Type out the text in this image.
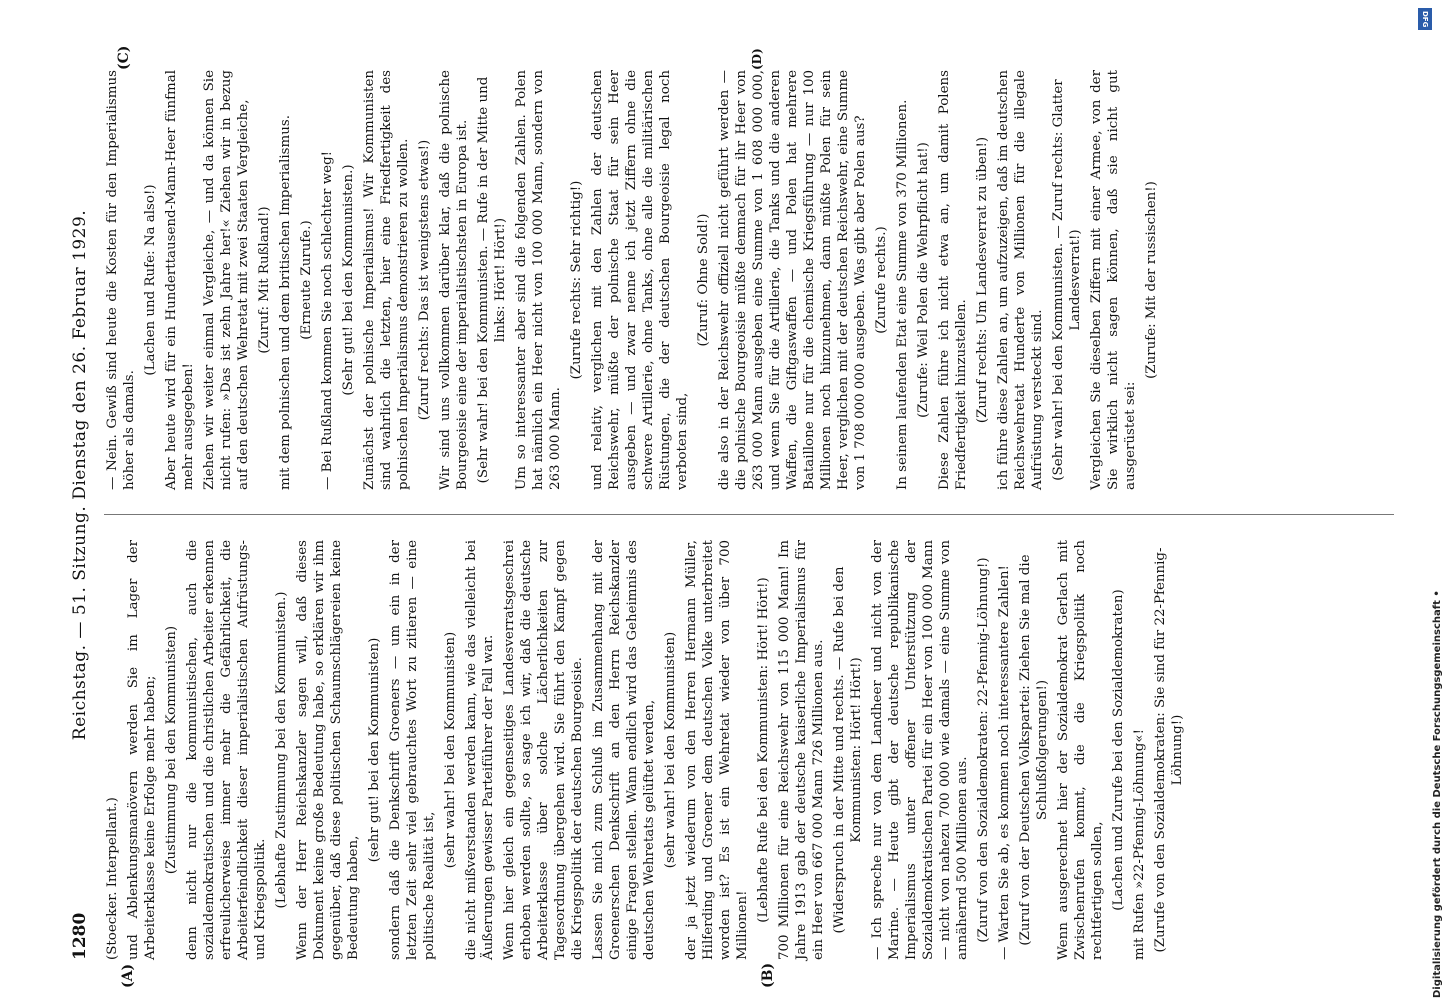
1280
Reichstag. — 51. Sitzung. Dienstag den 26. Februar 1929.

(Stoecker. Interpellant.) und Ablenkungsmanövern werden Sie im Lager der Arbeiterklasse keine Erfolge mehr haben; (Zustimmung bei den Kommunisten) denn nicht nur die kommunistischen, auch die sozialdemokratischen und die christlichen Arbeiter erkennen erfreulicherweise immer mehr die Gefährlichkeit, die Arbeiterfeindlichkeit dieser imperialistischen Aufrüstungs- und Kriegspolitik. (Lebhafte Zustimmung bei den Kommunisten.) Wenn der Herr Reichskanzler sagen will, daß dieses Dokument keine große Bedeutung habe, so erklären wir ihm gegenüber, daß diese politischen Schaumschlägereien keine Bedeutung haben,

(sehr gut! bei den Kommunisten) sondern daß die Denkschrift Groeners — um ein in der letzten Zeit sehr viel gebrauchtes Wort zu zitieren — eine politische Realität ist,

(sehr wahr! bei den Kommunisten) die nicht mißverstanden werden kann, wie das vielleicht bei Äußerungen gewisser Parteiführer der Fall war. Wenn hier gleich ein gegenseitiges Landesverratsgeschrei erhoben werden sollte, so sage ich wir, daß die deutsche Arbeiterklasse über solche Lächerlichkeiten zur Tagesordnung übergehen wird. Sie führt den Kampf gegen die Kriegspolitik der deutschen Bourgeoisie. Lassen Sie mich zum Schluß im Zusammenhang mit der Groenerschen Denkschrift an den Herrn Reichskanzler einige Fragen stellen. Wann endlich wird das Geheimnis des deutschen Wehretats gelüftet werden, (sehr wahr! bei den Kommunisten) der ja jetzt wiederum von den Herren Hermann Müller, Hilferding und Groener dem deutschen Volke unterbreitet worden ist? Es ist ein Wehretat wieder von über 700 Millionen!

(Lebhafte Rufe bei den Kommunisten: Hört! Hört!) 700 Millionen für eine Reichswehr von 115 000 Mann! Im Jahre 1913 gab der deutsche kaiserliche Imperialismus für ein Heer von 667 000 Mann 726 Millionen aus. (Widerspruch in der Mitte und rechts. — Rufe bei den Kommunisten: Hört! Hört!) — Ich spreche nur von dem Landheer und nicht von der Marine. — Heute gibt der deutsche republikanische Imperialismus unter offener Unterstützung der Sozialdemokratischen Partei für ein Heer von 100 000 Mann — nicht von nahezu 700 000 wie damals — eine Summe von annähernd 500 Millionen aus. (Zuruf von den Sozialdemokraten: 22-Pfennig-Löhnung!) — Warten Sie ab, es kommen noch interessantere Zahlen! (Zuruf von der Deutschen Volkspartei: Ziehen Sie mal die Schlußfolgerungen!) Wenn ausgerechnet hier der Sozialdemokrat Gerlach mit Zwischenrufen kommt, die die Kriegspolitik noch rechtfertigen sollen, (Lachen und Zurufe bei den Sozialdemokraten) mit Rufen »22-Pfennig-Löhnung«! (Zurufe von den Sozialdemokraten: Sie sind für 22-Pfennig-Löhnung!)

— Nein. Gewiß sind heute die Kosten für den Imperialismus höher als damals.

(Lachen und Rufe: Na also!) Aber heute wird für ein Hunderttausend-Mann-Heer fünfmal mehr ausgegeben! Ziehen wir weiter einmal Vergleiche, — und da können Sie nicht rufen: »Das ist zehn Jahre her!« Ziehen wir in bezug auf den deutschen Wehretat mit zwei Staaten Vergleiche, (Zuruf: Mit Rußland!) mit dem polnischen und dem britischen Imperialismus. (Erneute Zurufe.) — Bei Rußland kommen Sie noch schlechter weg! (Sehr gut! bei den Kommunisten.) Zunächst der polnische Imperialismus! Wir Kommunisten sind wahrlich die letzten, hier eine Friedfertigkeit des polnischen Imperialismus demonstrieren zu wollen. (Zuruf rechts: Das ist wenigstens etwas!) Wir sind uns vollkommen darüber klar, daß die polnische Bourgeoisie eine der imperialistischsten in Europa ist. (Sehr wahr! bei den Kommunisten. — Rufe in der Mitte und links: Hört! Hört!) Um so interessanter aber sind die folgenden Zahlen. Polen hat nämlich ein Heer nicht von 100 000 Mann, sondern von 263 000 Mann.

(Zurufe rechts: Sehr richtig!) und relativ, verglichen mit den Zahlen der deutschen Reichswehr, müßte der polnische Staat für sein Heer ausgeben — und zwar nenne ich jetzt Ziffern ohne die schwere Artillerie, ohne Tanks, ohne alle die militärischen Rüstungen, die der deutschen Bourgeoisie legal noch verboten sind,

(Zuruf: Ohne Sold!) die also in der Reichswehr offiziell nicht geführt werden — die polnische Bourgeoisie müßte demnach für ihr Heer von 263 000 Mann ausgeben eine Summe von 1 608 000 000, und wenn Sie für die Artillerie, die Tanks und die anderen Waffen, die Giftgaswaffen — und Polen hat mehrere Bataillone nur für die chemische Kriegsführung — nur 100 Millionen noch hinzunehmen, dann müßte Polen für sein Heer, verglichen mit der deutschen Reichswehr, eine Summe von 1 708 000 000 ausgeben. Was gibt aber Polen aus? (Zurufe rechts.) In seinem laufenden Etat eine Summe von 370 Millionen. (Zurufe: Weil Polen die Wehrpflicht hat!) Diese Zahlen führe ich nicht etwa an, um damit Polens Friedfertigkeit hinzustellen. (Zuruf rechts: Um Landesverrat zu üben!) ich führe diese Zahlen an, um aufzuzeigen, daß im deutschen Reichswehretat Hunderte von Millionen für die illegale Aufrüstung versteckt sind. (Sehr wahr! bei den Kommunisten. — Zuruf rechts: Glatter Landesverrat!) Vergleichen Sie dieselben Ziffern mit einer Armee, von der Sie wirklich nicht sagen können, daß sie nicht gut ausgerüstet sei:

(Zurufe: Mit der russischen!)

(A)	(B)
(C)	(D)
DFG
Digitalisierung gefördert durch die Deutsche Forschungsgemeinschaft •
